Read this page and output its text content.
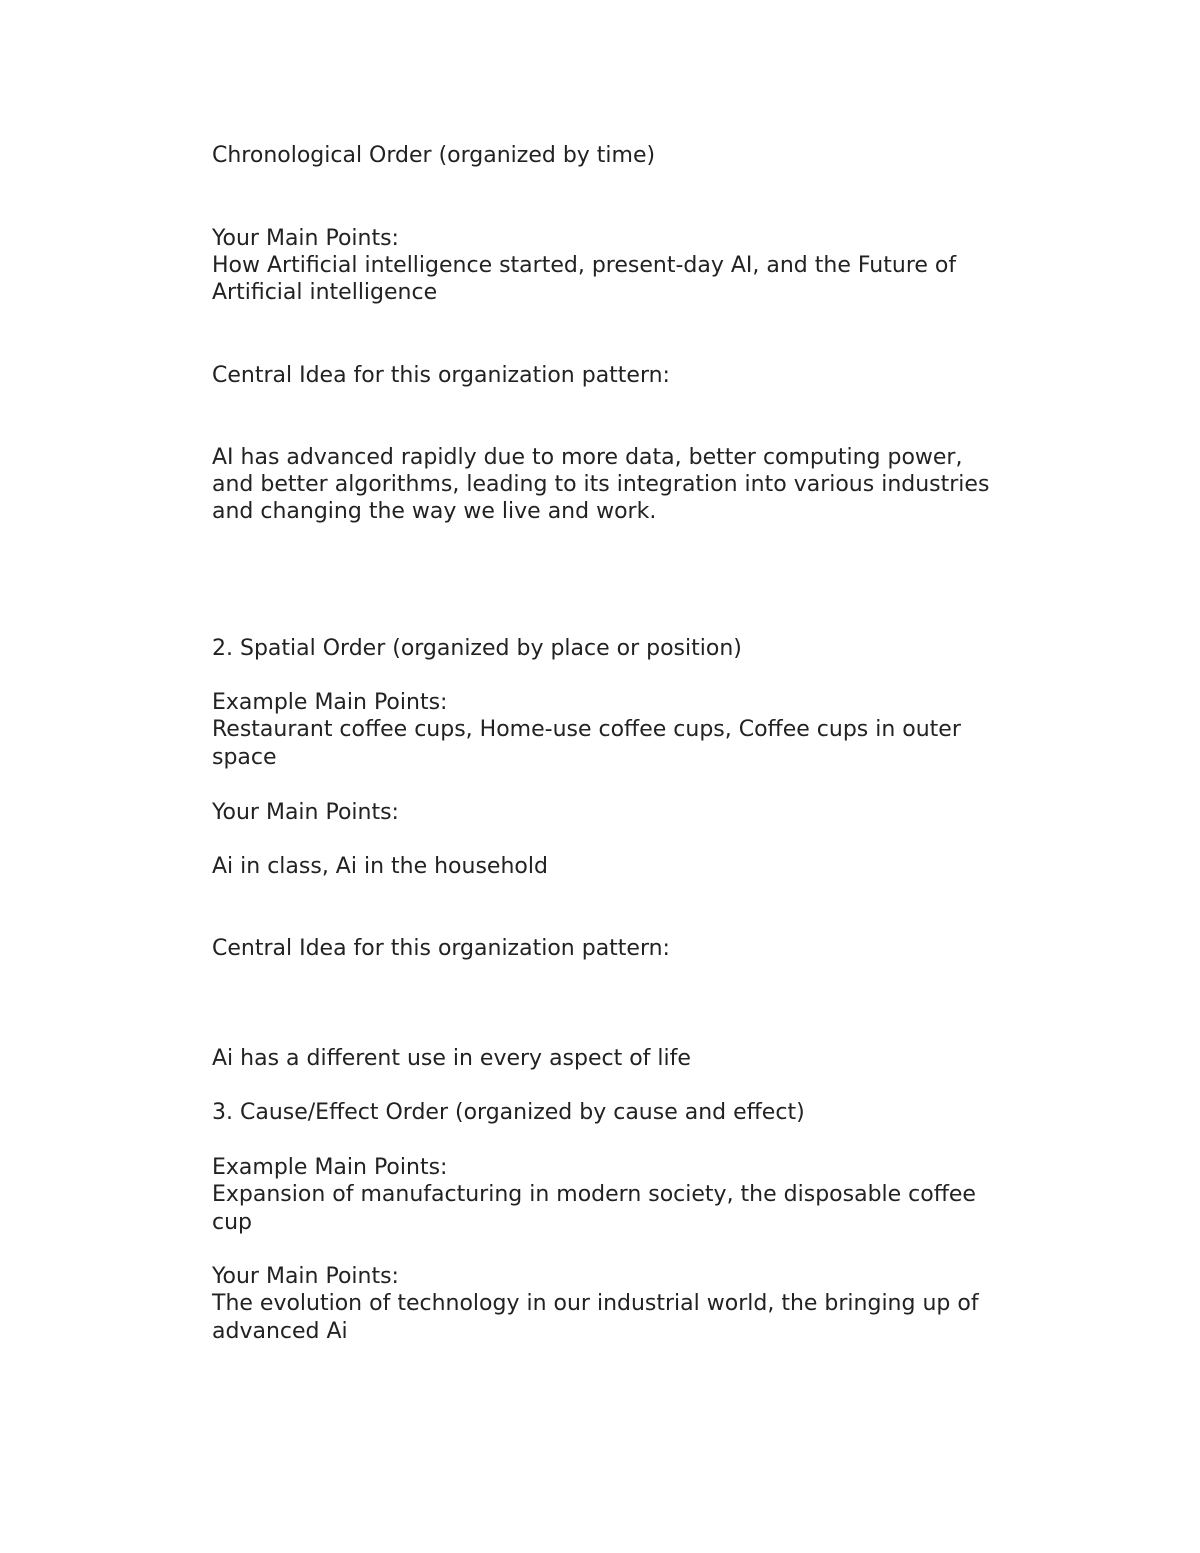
Chronological Order (organized by time)

Your Main Points:

How Artificial intelligence started, present-day AI, and the Future of

Artificial intelligence

Central Idea for this organization pattern:

AI has advanced rapidly due to more data, better computing power,

and better algorithms, leading to its integration into various industries

and changing the way we live and work.

2. Spatial Order (organized by place or position)

Example Main Points:

Restaurant coffee cups, Home-use coffee cups, Coffee cups in outer

space

Your Main Points:

Ai in class, Ai in the household

Central Idea for this organization pattern:

Ai has a different use in every aspect of life

3. Cause/Effect Order (organized by cause and effect)

Example Main Points:

Expansion of manufacturing in modern society, the disposable coffee

cup

Your Main Points:

The evolution of technology in our industrial world, the bringing up of

advanced Ai
